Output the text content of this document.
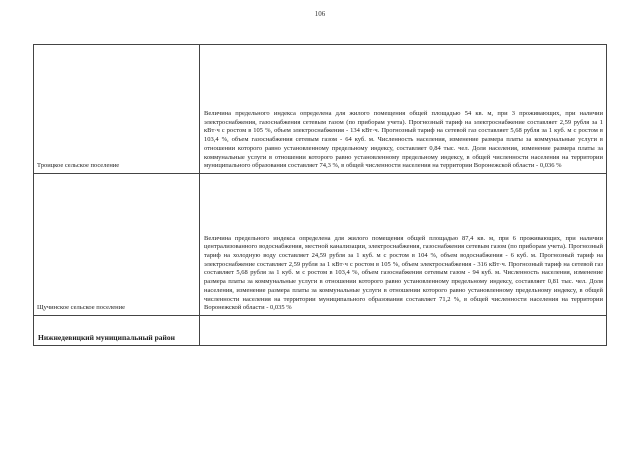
106
Троицкое сельское поселение	Величина предельного индекса определена для жилого помещения общей площадью 54 кв. м, при 3 проживающих, при наличии электроснабжения, газоснабжения сетевым газом (по приборам учета). Прогнозный тариф на электроснабжение составляет 2,59 рубля за 1 кВт·ч с ростом в 105 %, объем электроснабжения - 134 кВт·ч. Прогнозный тариф на сетевой газ составляет 5,68 рубля за 1 куб. м с ростом в 103,4 %, объем газоснабжения сетевым газом - 64 куб. м. Численность населения, изменение размера платы за коммунальные услуги в отношении которого равно установленному предельному индексу, составляет 0,84 тыс. чел. Доля населения, изменение размера платы за коммунальные услуги в отношении которого равно установленному предельному индексу, в общей численности населения на территории муниципального образования составляет 74,3 %, в общей численности населения на территории Воронежской области - 0,036 %

Щучинское сельское поселение	Величина предельного индекса определена для жилого помещения общей площадью 87,4 кв. м, при 6 проживающих, при наличии централизованного водоснабжения, местной канализации, электроснабжения, газоснабжения сетевым газом (по приборам учета). Прогнозный тариф на холодную воду составляет 24,59 рубля за 1 куб. м с ростом в 104 %, объем водоснабжения - 6 куб. м. Прогнозный тариф на электроснабжение составляет 2,59 рубля за 1 кВт·ч с ростом в 105 %, объем электроснабжения - 316 кВт·ч. Прогнозный тариф на сетевой газ составляет 5,68 рубля за 1 куб. м с ростом в 103,4 %, объем газоснабжения сетевым газом - 94 куб. м. Численность населения, изменение размера платы за коммунальные услуги в отношении которого равно установленному предельному индексу, составляет 0,81 тыс. чел. Доля населения, изменение размера платы за коммунальные услуги в отношении которого равно установленному предельному индексу, в общей численности населения на территории муниципального образования составляет 71,2 %, в общей численности населения на территории Воронежской области - 0,035 %

Нижнедевицкий муниципальный район	
